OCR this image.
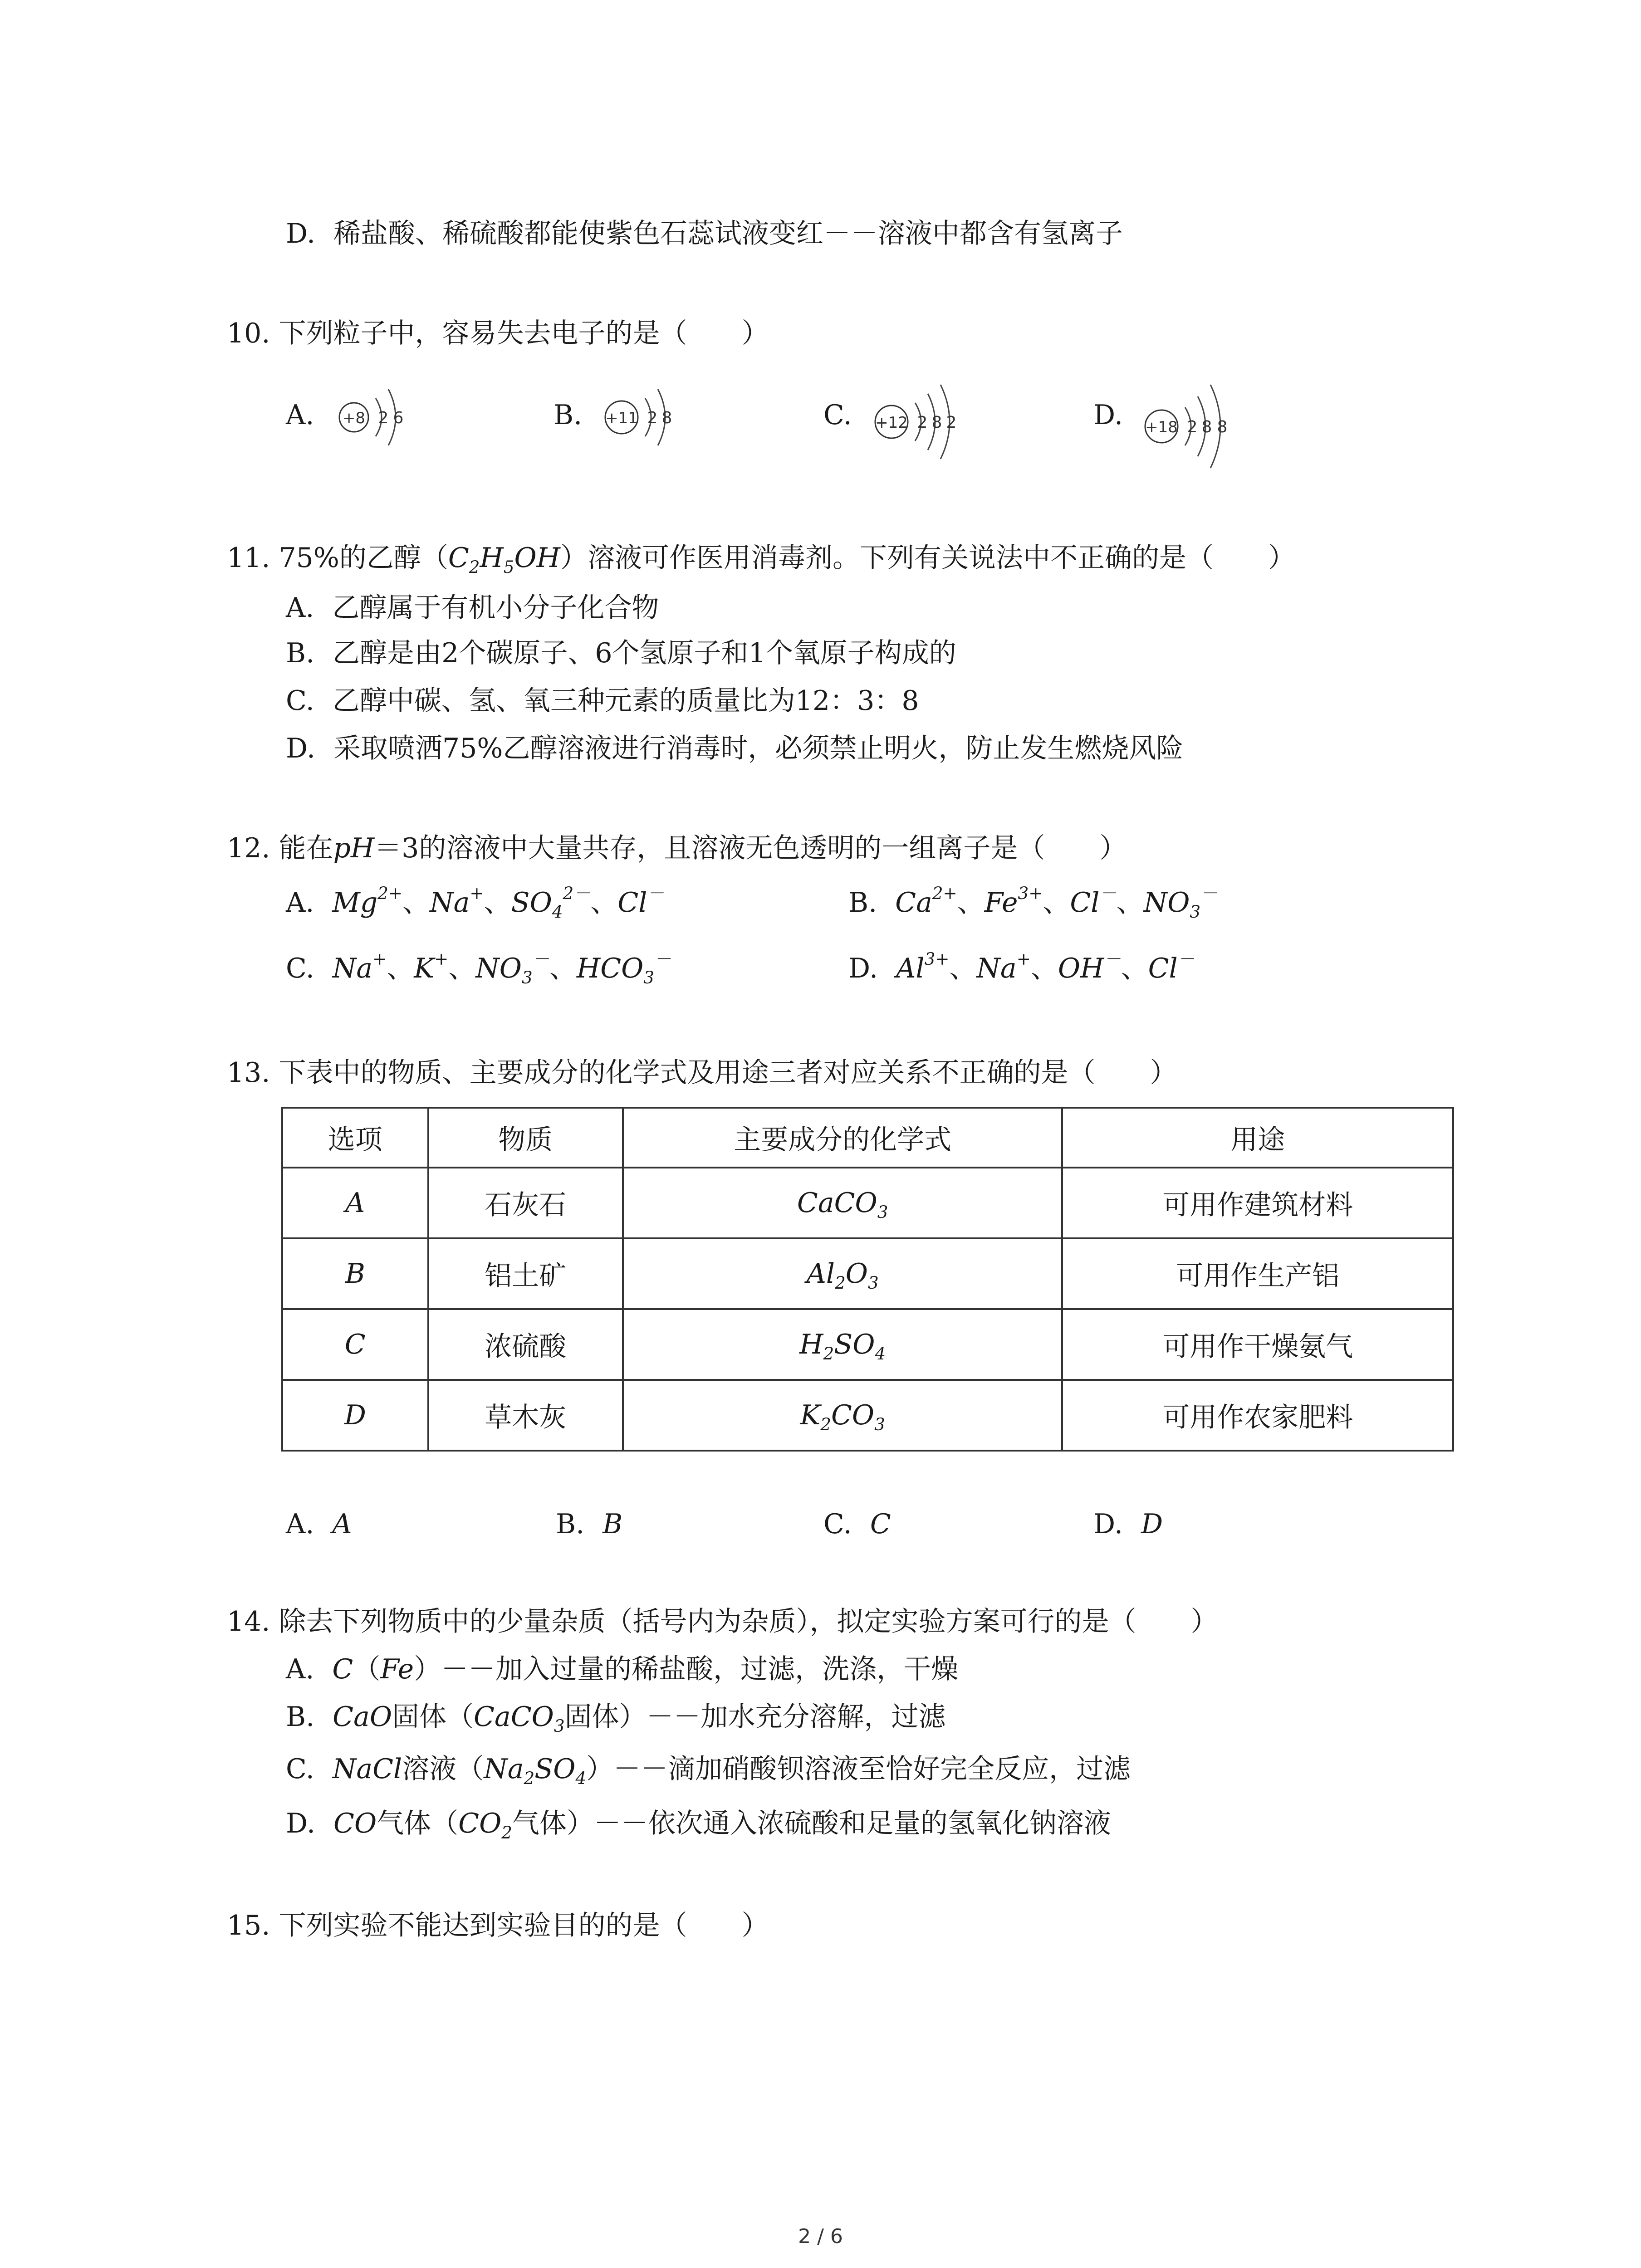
D. 稀盐酸、稀硫酸都能使紫色石蕊试液变红－－溶液中都含有氢离子
10. 下列粒子中，容易失去电子的是（　　）
A. +8 2 6	B. +11 2 8	C. +12 2 8 2	D. +18 2 8 8
11. 75%的乙醇$(C_2H_5OH)$溶液可作医用消毒剂。下列有关说法中不正确的是（　　）
A. 乙醇属于有机小分子化合物
B. 乙醇是由2个碳原子、6个氢原子和1个氧原子构成的
C. 乙醇中碳、氢、氧三种元素的质量比为12：3：8
D. 采取喷洒75%乙醇溶液进行消毒时，必须禁止明火，防止发生燃烧风险
12. 能在pH＝3的溶液中大量共存，且溶液无色透明的一组离子是（　　）
A. $Mg^{2+}$、Na+、$SO_4^{2-}$、Cl－	B. $Ca^{2+}$、$Fe^{3+}$、Cl－、$NO_3^-$
C. Na+、K+、$NO_3^-$、$HCO_3^-$	D. $Al^{3+}$、Na+、OH－、Cl－
13. 下表中的物质、主要成分的化学式及用途三者对应关系不正确的是（　　）
选项	物质	主要成分的化学式	用途
A	石灰石	CaCO$_3$	可用作建筑材料
B	铝土矿	$Al_2O_3$	可用作生产铝
C	浓硫酸	$H_2SO_4$	可用作干燥氨气
D	草木灰	$K_2CO_3$	可用作农家肥料
A. A	B. B	C. C	D. D
14. 除去下列物质中的少量杂质（括号内为杂质），拟定实验方案可行的是（　　）
A. C（Fe）－－加入过量的稀盐酸，过滤，洗涤，干燥
B. CaO固体（CaCO$_3$固体）－－加水充分溶解，过滤
C. NaCl溶液$(Na_2SO_4)--$滴加硝酸钡溶液至恰好完全反应，过滤
D. CO气体（$CO_2$气体）－－依次通入浓硫酸和足量的氢氧化钠溶液
15. 下列实验不能达到实验目的的是（　　）
2 / 6
